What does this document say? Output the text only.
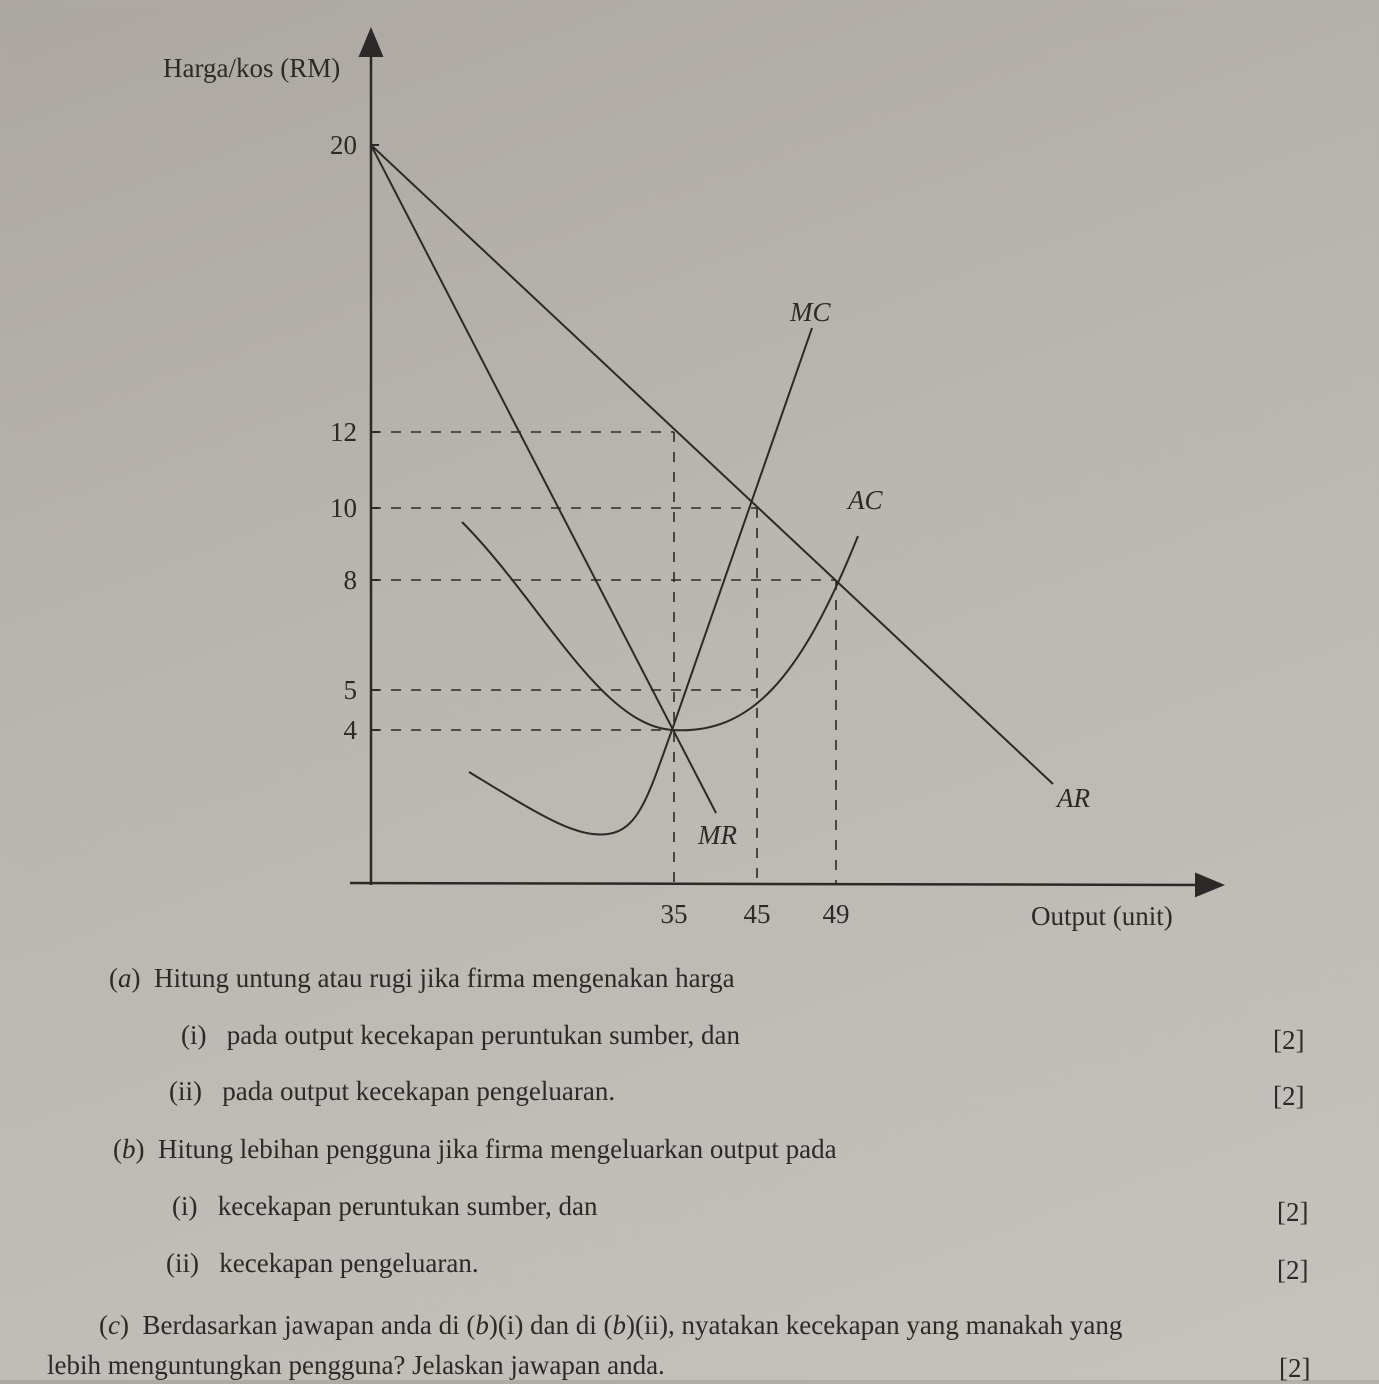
20
12
10
8
5
4
35 45 49
Harga/kos (RM)
Output (unit)
MC
AC
AR
MR
(a)  Hitung untung atau rugi jika firma mengenakan harga
(i) pada output kecekapan peruntukan sumber, dan	[2]
(ii) pada output kecekapan pengeluaran.	[2]
(b)  Hitung lebihan pengguna jika firma mengeluarkan output pada
(i) kecekapan peruntukan sumber, dan	[2]
(ii) kecekapan pengeluaran.	[2]
(c)  Berdasarkan jawapan anda di (b)(i) dan di (b)(ii), nyatakan kecekapan yang manakah yang
lebih menguntungkan pengguna? Jelaskan jawapan anda.	[2]
